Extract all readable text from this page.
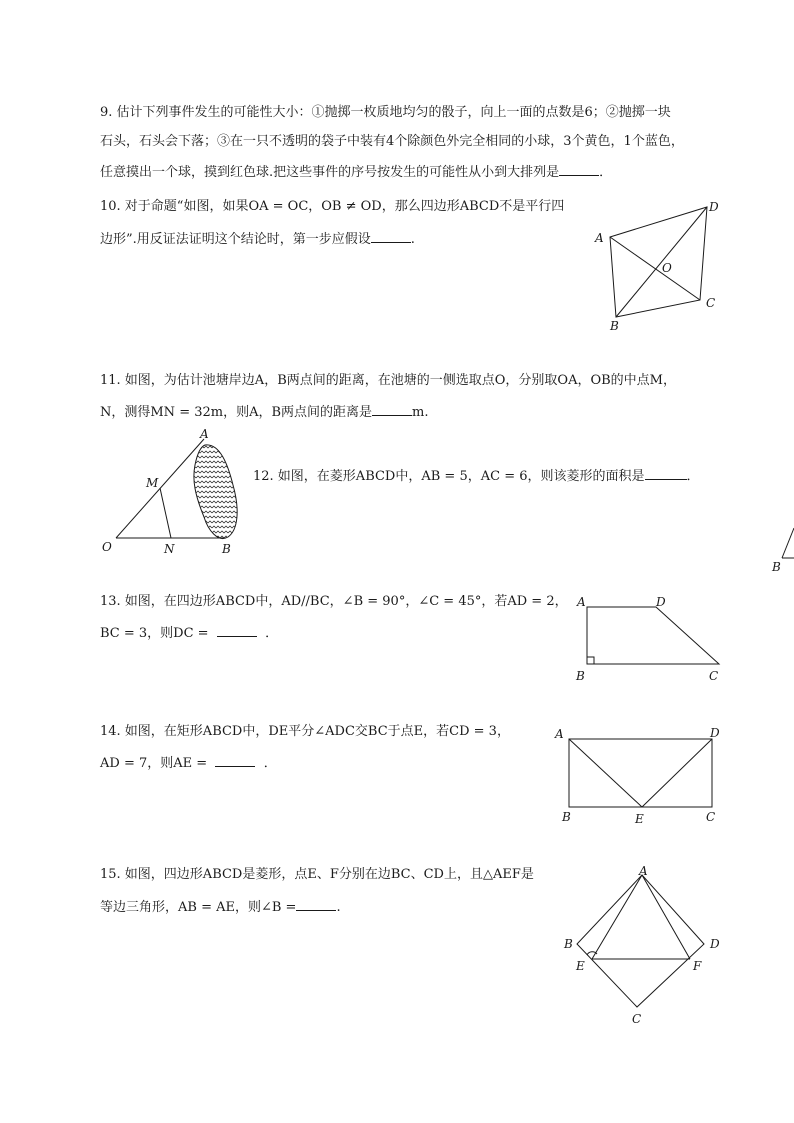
9. 估计下列事件发生的可能性大小：①抛掷一枚质地均匀的骰子，向上一面的点数是6；②抛掷一块
石头，石头会下落；③在一只不透明的袋子中装有4个除颜色外完全相同的小球，3个黄色，1个蓝色，
任意摸出一个球，摸到红色球.把这些事件的序号按发生的可能性从小到大排列是	．
10. 对于命题“如图，如果OA = OC，OB ≠ OD，那么四边形ABCD不是平行四
边形”.用反证法证明这个结论时，第一步应假设	.	A
D
O
C
B
11. 如图，为估计池塘岸边A，B两点间的距离，在池塘的一侧选取点O，分别取OA，OB的中点M，
N，测得MN = 32m，则A，B两点间的距离是	m.
A
M
O	N	B
12. 如图，在菱形ABCD中，AB = 5，AC = 6，则该菱形的面积是	．
B
13. 如图，在四边形ABCD中，AD//BC，∠B = 90°，∠C = 45°，若AD = 2，
BC = 3，则DC =	．
A	D
B	C
14. 如图，在矩形ABCD中，DE平分∠ADC交BC于点E，若CD = 3，
AD = 7，则AE =	．
A	D
B	E	C
15. 如图，四边形ABCD是菱形，点E、F分别在边BC、CD上，且△AEF是
等边三角形，AB = AE，则∠B =	.
A
B	D
E	F
C
